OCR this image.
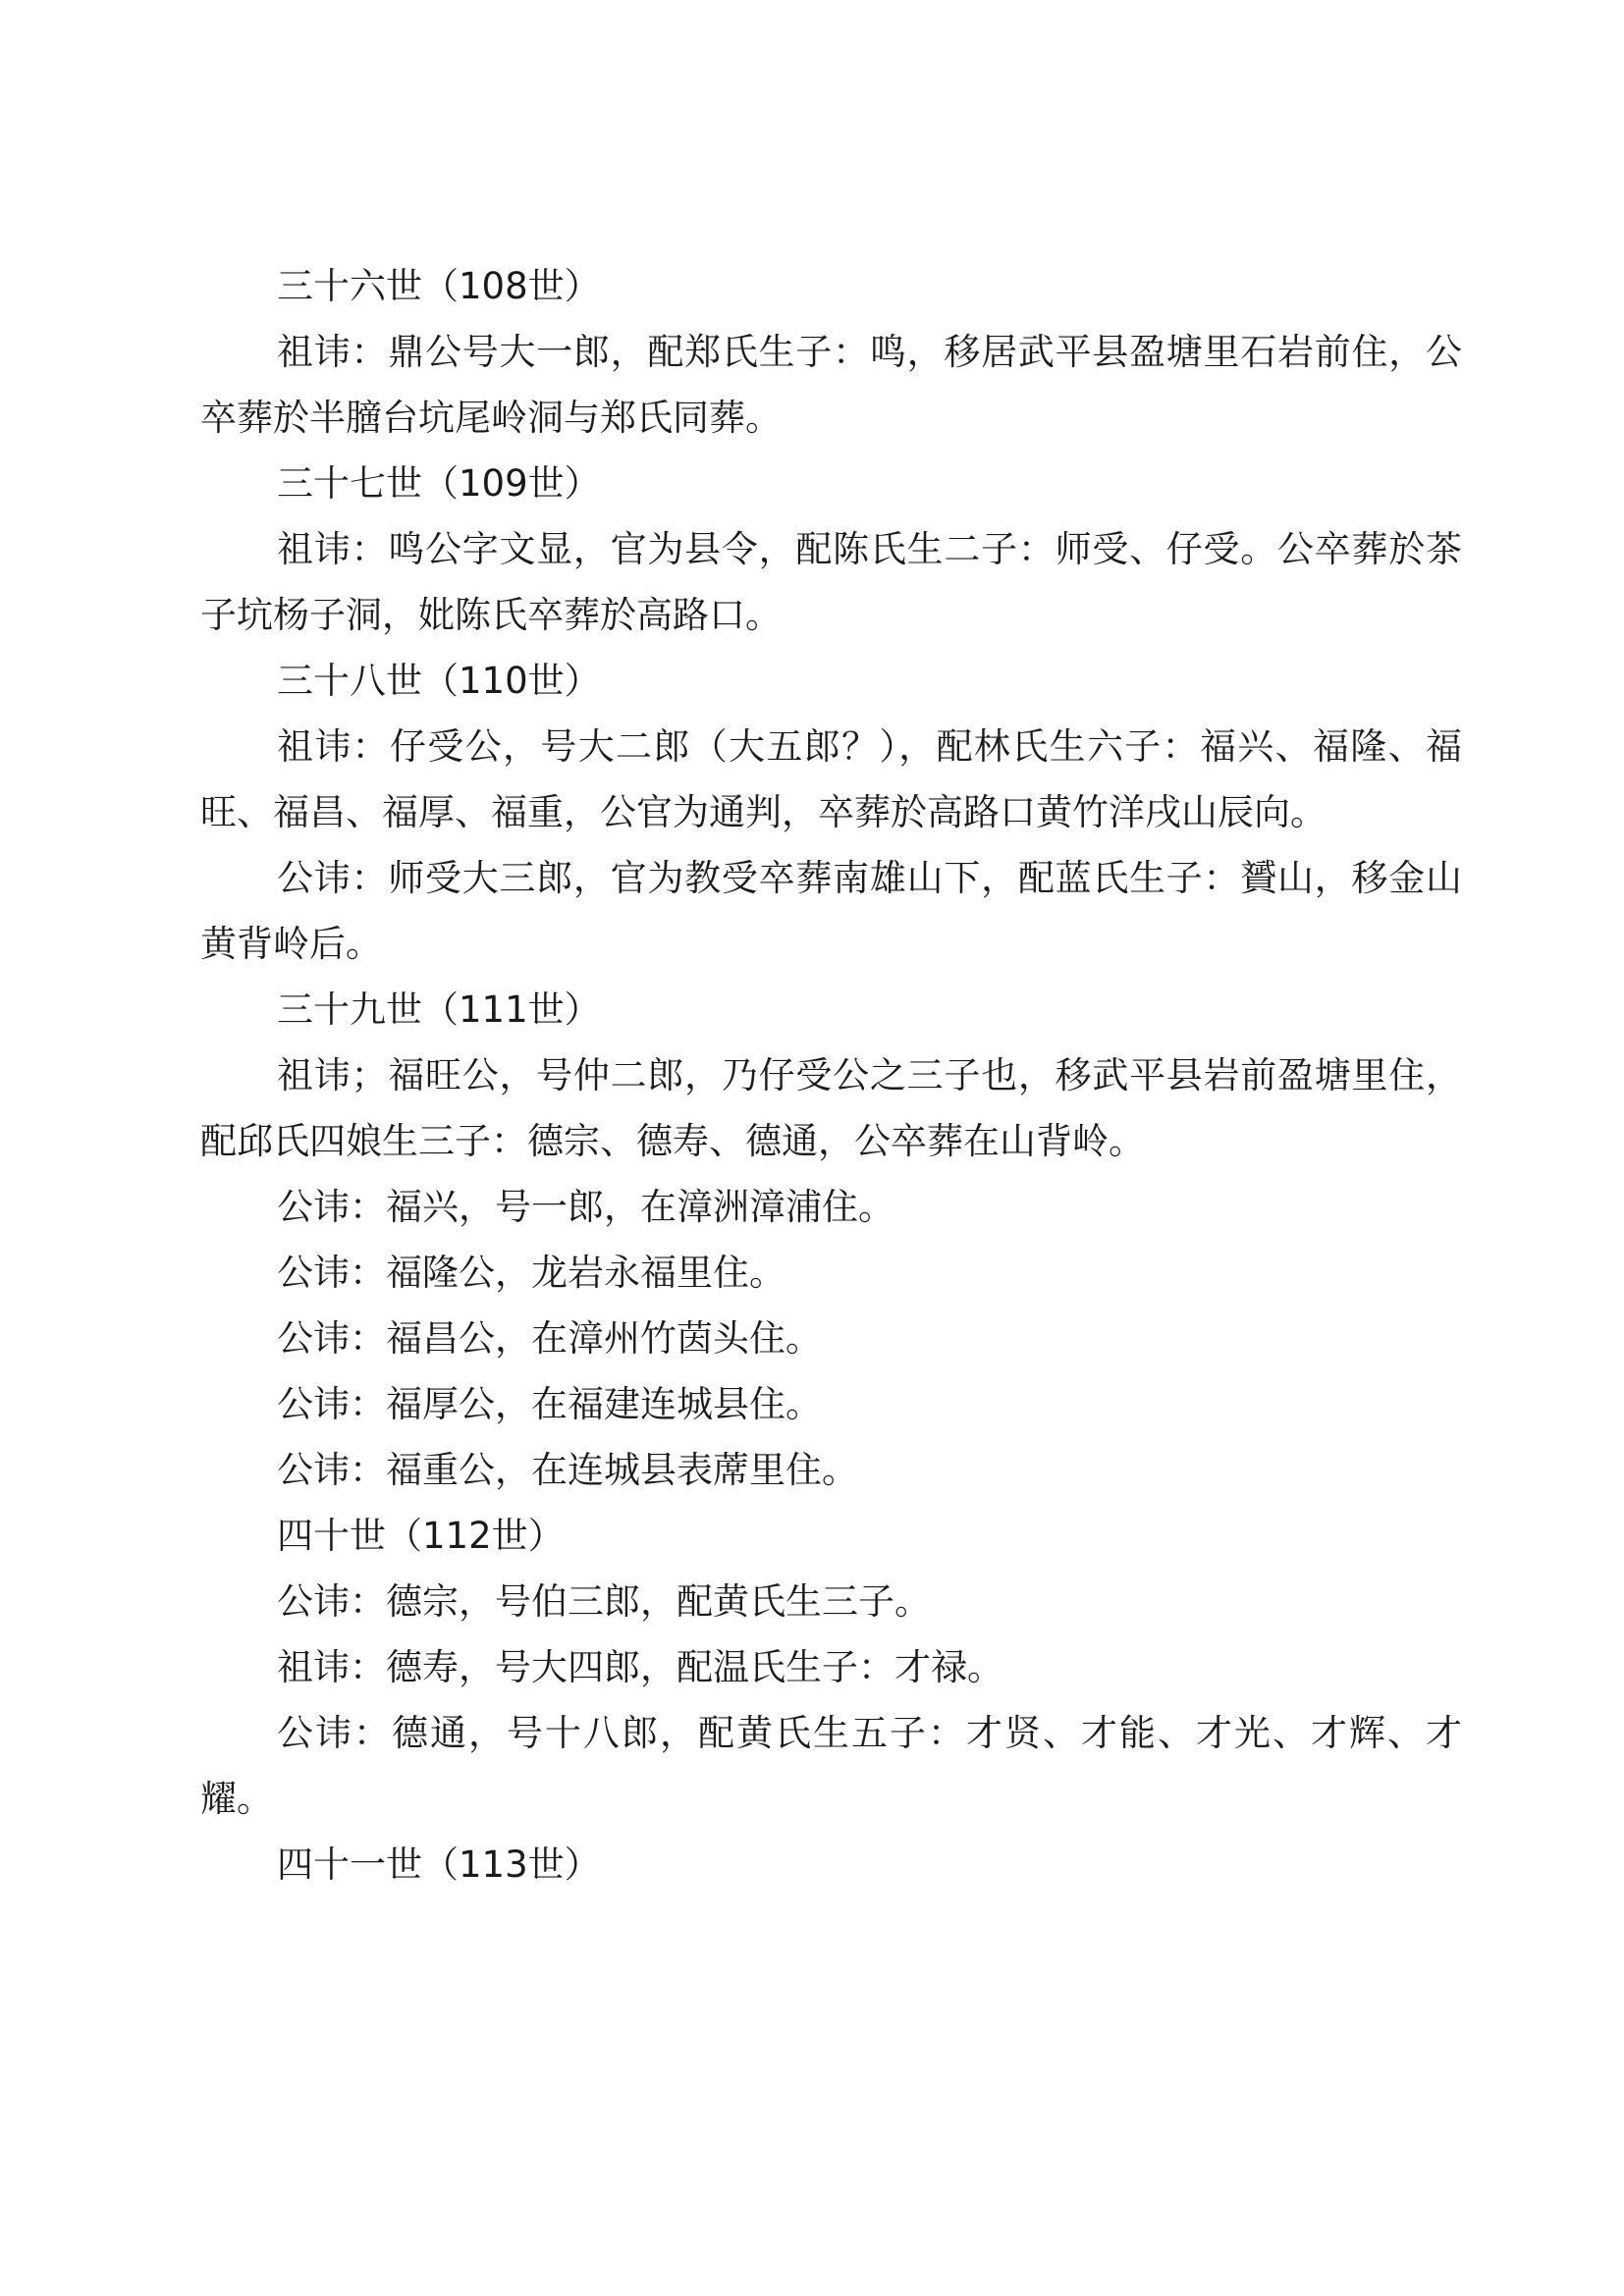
三十六世（108世）

祖讳：鼎公号大一郎，配郑氏生子：鸣，移居武平县盈塘里石岩前住，公卒葬於半膪台坑尾岭洞与郑氏同葬。

三十七世（109世）

祖讳：鸣公字文显，官为县令，配陈氏生二子：师受、仔受。公卒葬於茶子坑杨子洞，妣陈氏卒葬於高路口。

三十八世（110世）

祖讳：仔受公，号大二郎（大五郎？），配林氏生六子：福兴、福隆、福旺、福昌、福厚、福重，公官为通判，卒葬於高路口黄竹洋戌山辰向。

公讳：师受大三郎，官为教受卒葬南雄山下，配蓝氏生子：贇山，移金山黄背岭后。

三十九世（111世）

祖讳；福旺公，号仲二郎，乃仔受公之三子也，移武平县岩前盈塘里住，配邱氏四娘生三子：德宗、德寿、德通，公卒葬在山背岭。

公讳：福兴，号一郎，在漳洲漳浦住。

公讳：福隆公，龙岩永福里住。

公讳：福昌公，在漳州竹茵头住。

公讳：福厚公，在福建连城县住。

公讳：福重公，在连城县表蓆里住。

四十世（112世）

公讳：德宗，号伯三郎，配黄氏生三子。

祖讳：德寿，号大四郎，配温氏生子：才禄。

公讳：德通，号十八郎，配黄氏生五子：才贤、才能、才光、才辉、才耀。

四十一世（113世）
